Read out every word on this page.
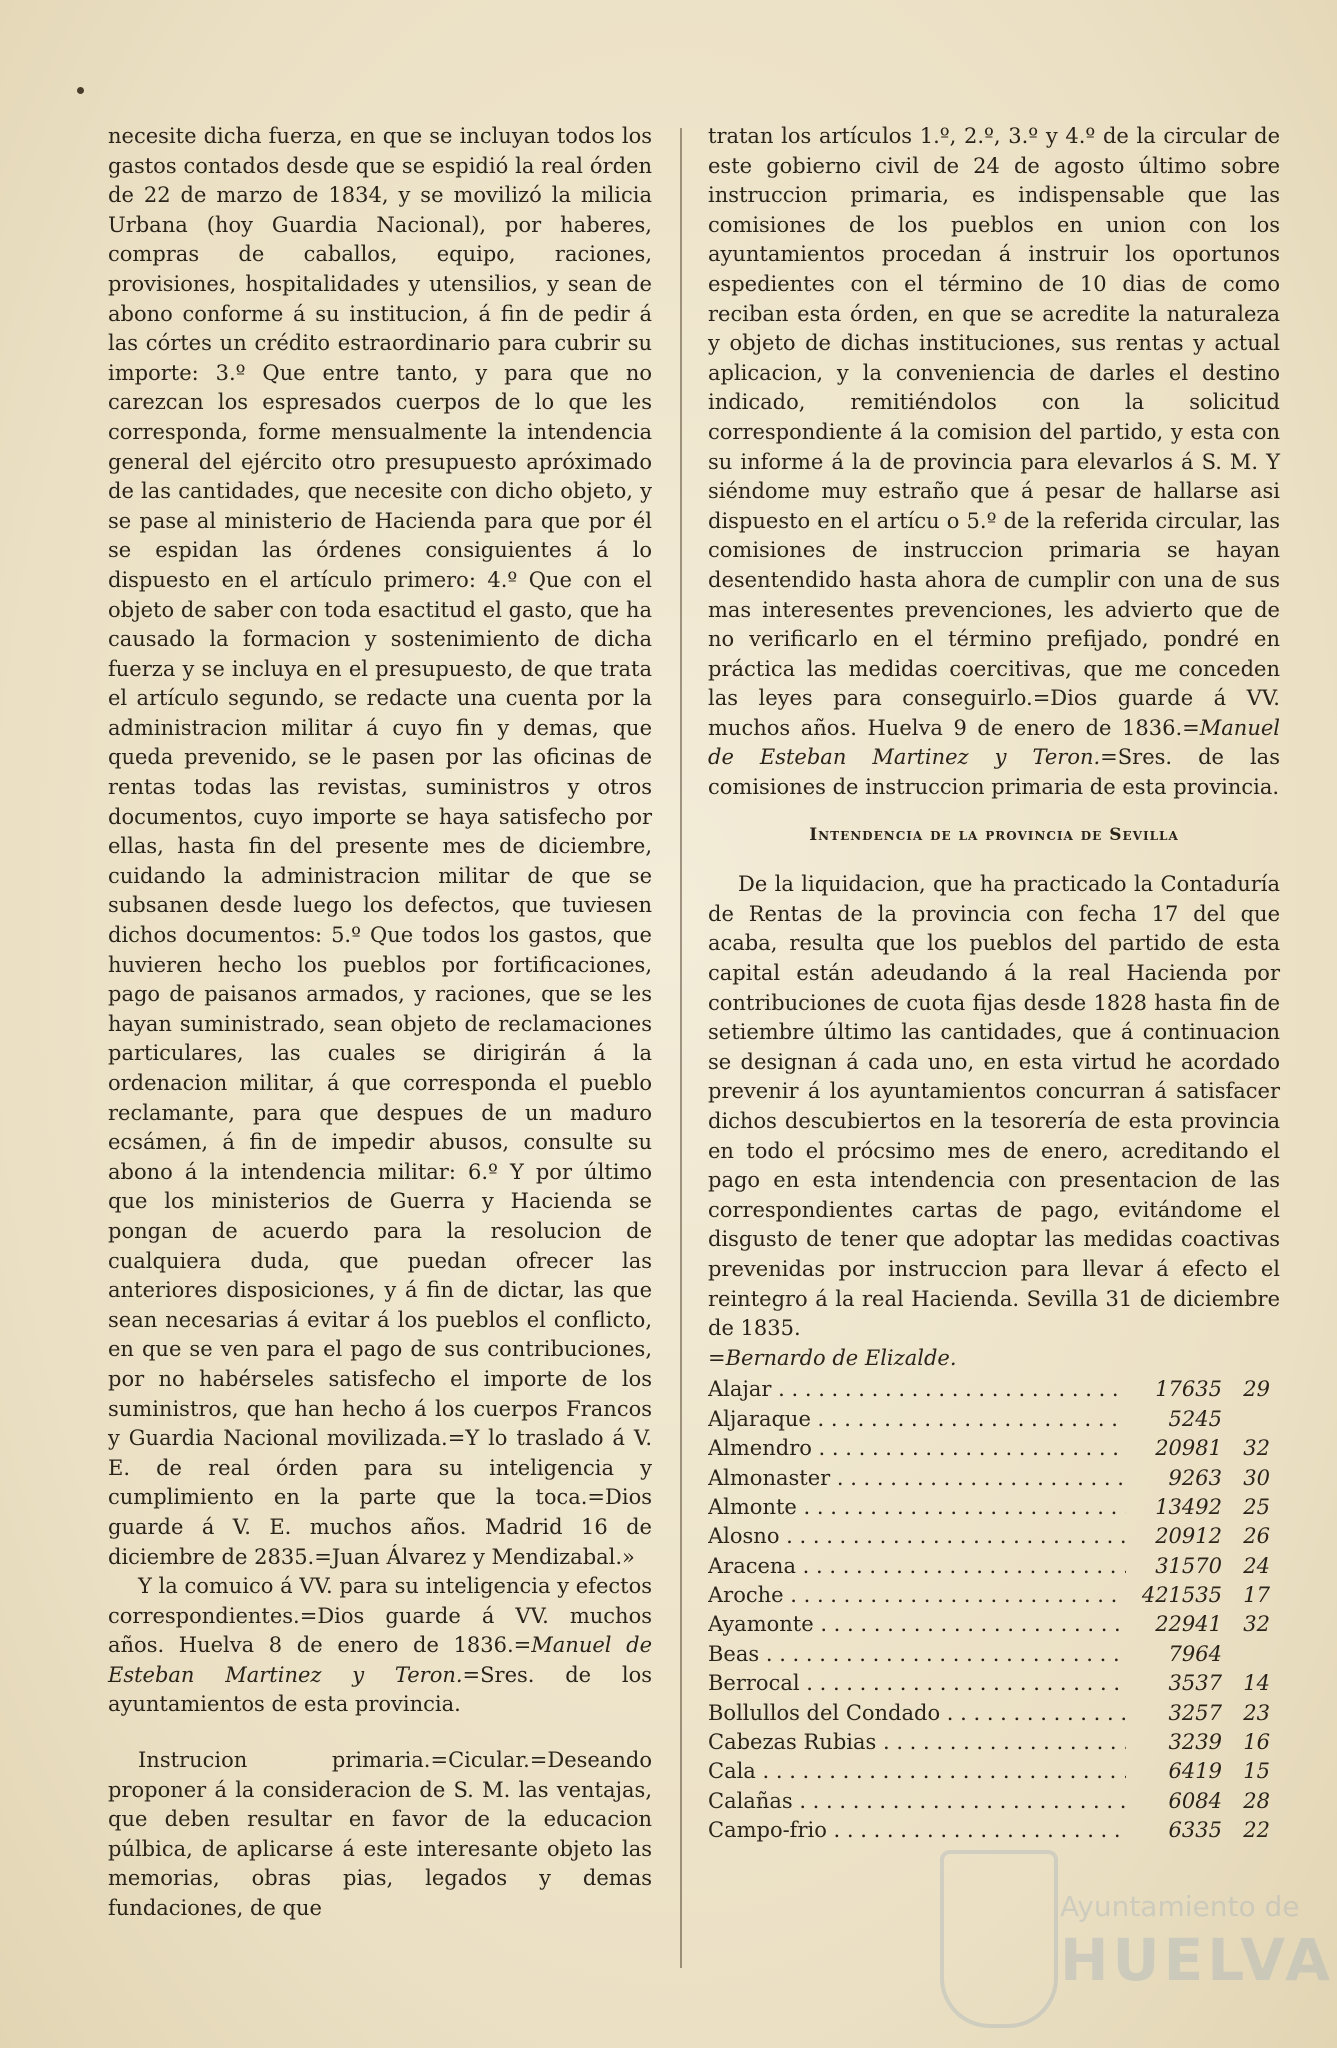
necesite dicha fuerza, en que se incluyan todos los gastos contados desde que se espidió la real órden de 22 de marzo de 1834, y se movilizó la milicia Urbana (hoy Guardia Nacional), por haberes, compras de caballos, equipo, raciones, provisiones, hospitalidades y utensilios, y sean de abono conforme á su institucion, á fin de pedir á las córtes un crédito estraordinario para cubrir su importe: 3.º Que entre tanto, y para que no carezcan los espresados cuerpos de lo que les corresponda, forme mensualmente la intendencia general del ejército otro presupuesto apróximado de las cantidades, que necesite con dicho objeto, y se pase al ministerio de Hacienda para que por él se espidan las órdenes consiguientes á lo dispuesto en el artículo primero: 4.º Que con el objeto de saber con toda esactitud el gasto, que ha causado la formacion y sostenimiento de dicha fuerza y se incluya en el presupuesto, de que trata el artículo segundo, se redacte una cuenta por la administracion militar á cuyo fin y demas, que queda prevenido, se le pasen por las oficinas de rentas todas las revistas, suministros y otros documentos, cuyo importe se haya satisfecho por ellas, hasta fin del presente mes de diciembre, cuidando la administracion militar de que se subsanen desde luego los defectos, que tuviesen dichos documentos: 5.º Que todos los gastos, que huvieren hecho los pueblos por fortificaciones, pago de paisanos armados, y raciones, que se les hayan suministrado, sean objeto de reclamaciones particulares, las cuales se dirigirán á la ordenacion militar, á que corresponda el pueblo reclamante, para que despues de un maduro ecsámen, á fin de impedir abusos, consulte su abono á la intendencia militar: 6.º Y por último que los ministerios de Guerra y Hacienda se pongan de acuerdo para la resolucion de cualquiera duda, que puedan ofrecer las anteriores disposiciones, y á fin de dictar, las que sean necesarias á evitar á los pueblos el conflicto, en que se ven para el pago de sus contribuciones, por no habérseles satisfecho el importe de los suministros, que han hecho á los cuerpos Francos y Guardia Nacional movilizada.=Y lo traslado á V. E. de real órden para su inteligencia y cumplimiento en la parte que la toca.=Dios guarde á V. E. muchos años. Madrid 16 de diciembre de 2835.=Juan Álvarez y Mendizabal.»

Y la comuico á VV. para su inteligencia y efectos correspondientes.=Dios guarde á VV. muchos años. Huelva 8 de enero de 1836.=Manuel de Esteban Martinez y Teron.=Sres. de los ayuntamientos de esta provincia.

Instrucion primaria.=Cicular.=Deseando proponer á la consideracion de S. M. las ventajas, que deben resultar en favor de la educacion púlbica, de aplicarse á este interesante objeto las memorias, obras pias, legados y demas fundaciones, de que

tratan los artículos 1.º, 2.º, 3.º y 4.º de la circular de este gobierno civil de 24 de agosto último sobre instruccion primaria, es indispensable que las comisiones de los pueblos en union con los ayuntamientos procedan á instruir los oportunos espedientes con el término de 10 dias de como reciban esta órden, en que se acredite la naturaleza y objeto de dichas instituciones, sus rentas y actual aplicacion, y la conveniencia de darles el destino indicado, remitiéndolos con la solicitud correspondiente á la comision del partido, y esta con su informe á la de provincia para elevarlos á S. M. Y siéndome muy estraño que á pesar de hallarse asi dispuesto en el artícu o 5.º de la referida circular, las comisiones de instruccion primaria se hayan desentendido hasta ahora de cumplir con una de sus mas interesentes prevenciones, les advierto que de no verificarlo en el término prefijado, pondré en práctica las medidas coercitivas, que me conceden las leyes para conseguirlo.=Dios guarde á VV. muchos años. Huelva 9 de enero de 1836.=Manuel de Esteban Martinez y Teron.=Sres. de las comisiones de instruccion primaria de esta provincia.

Intendencia de la provincia de Sevilla

De la liquidacion, que ha practicado la Contaduría de Rentas de la provincia con fecha 17 del que acaba, resulta que los pueblos del partido de esta capital están adeudando á la real Hacienda por contribuciones de cuota fijas desde 1828 hasta fin de setiembre último las cantidades, que á continuacion se designan á cada uno, en esta virtud he acordado prevenir á los ayuntamientos concurran á satisfacer dichos descubiertos en la tesorería de esta provincia en todo el prócsimo mes de enero, acreditando el pago en esta intendencia con presentacion de las correspondientes cartas de pago, evitándome el disgusto de tener que adoptar las medidas coactivas prevenidas por instruccion para llevar á efecto el reintegro á la real Hacienda. Sevilla 31 de diciembre de 1835.
=Bernardo de Elizalde.

Alajar . . .	17635	29
Aljaraque . . .	5245
Almendro . . .	20981	32
Almonaster . . .	9263	30
Almonte . . .	13492	25
Alosno . . .	20912	26
Aracena . . .	31570	24
Aroche . . .	421535	17
Ayamonte . . .	22941	32
Beas . . .	7964
Berrocal . . .	3537	14
Bollullos del Condado . . .	3257	23
Cabezas Rubias . . .	3239	16
Cala . . .	6419	15
Calañas . . .	6084	28
Campo-frio . . .	6335	22
Ayuntamiento de
HUELVA
